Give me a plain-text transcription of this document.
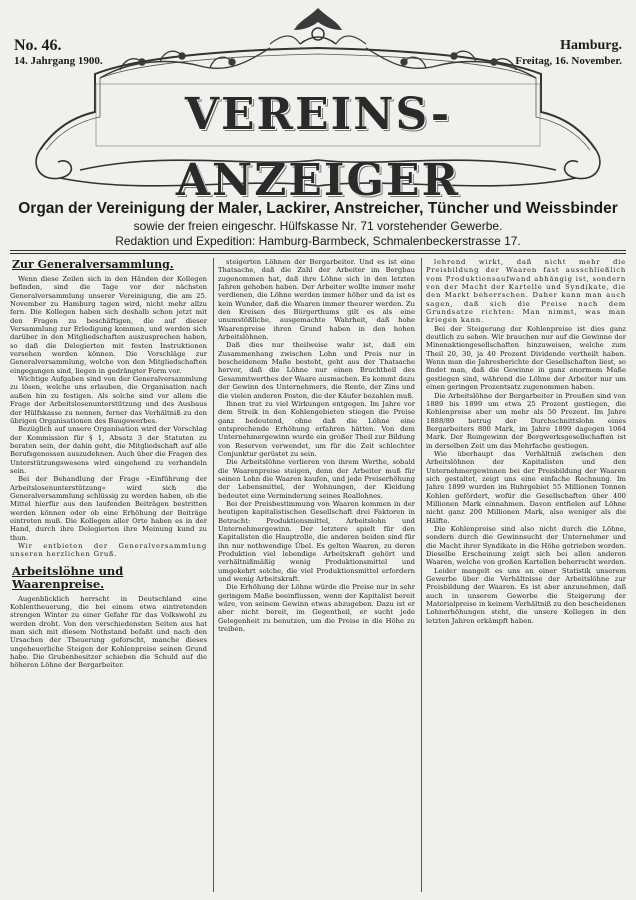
No. 46.
14. Jahrgang 1900.
Hamburg.
Freitag, 16. November.
VEREINS-ANZEIGER
Organ der Vereinigung der Maler, Lackirer, Anstreicher, Tüncher und Weissbinder
sowie der freien eingeschr. Hülfskasse Nr. 71 vorstehender Gewerbe.
Redaktion und Expedition: Hamburg-Barmbeck, Schmalenbeckerstrasse 17.
Zur Generalversammlung.

Wenn diese Zeilen sich in den Händen der Kollegen befinden, sind die Tage vor der nächsten Generalversammlung unserer Vereinigung, die am 25. November zu Hamburg tagen wird, nicht mehr allzu fern. Die Kollegen haben sich deshalb schon jetzt mit den Fragen zu beschäftigen, die auf dieser Versammlung zur Erledigung kommen, und werden sich darüber in den Mitgliedschaften auszusprechen haben, so daß die Delegierten mit festen Instruktionen versehen werden können. Die Vorschläge zur Generalversammlung, welche von den Mitgliedschaften eingegangen sind, liegen in gedrängter Form vor.

Wichtige Aufgaben sind von der Generalversammlung zu lösen, welche uns erlauben, die Organisation nach außen hin zu festigen. Als solche sind vor allem die Frage der Arbeitslosenunterstützung und des Ausbaus der Hülfskasse zu nennen, ferner das Verhältniß zu den übrigen Organisationen des Baugewerbes.

Bezüglich auf unsere Organisation wird der Vorschlag der Kommission für § 1, Absatz 3 der Statuten zu beraten sein, der dahin geht, die Mitgliedschaft auf alle Berufsgenossen auszudehnen. Auch über die Fragen des Unterstützungswesens wird eingehend zu verhandeln sein.

Bei der Behandlung der Frage »Einführung der Arbeitslosenunterstützung« wird sich die Generalversammlung schlüssig zu werden haben, ob die Mittel hierfür aus den laufenden Beiträgen bestritten werden können oder ob eine Erhöhung der Beiträge eintreten muß. Die Kollegen aller Orte haben es in der Hand, durch ihre Delegierten ihre Meinung kund zu thun.

Wir entbieten der Generalversammlung unseren herzlichen Gruß.

Arbeitslöhne und Waarenpreise.

Augenblicklich herrscht in Deutschland eine Kohlentheuerung, die bei einem etwa eintretenden strengen Winter zu einer Gefahr für das Volkswohl zu werden droht. Von den verschiedensten Seiten aus hat man sich mit diesem Nothstand befaßt und nach den Ursachen der Theuerung geforscht, manche dieses ungeheuerliche Steigen der Kohlenpreise seinen Grund habe. Die Grubenbesitzer schieben die Schuld auf die höheren Löhne der Bergarbeiter.

steigerten Löhnen der Bergarbeiter. Und es ist eine Thatsache, daß die Zahl der Arbeiter im Bergbau zugenommen hat, daß ihre Löhne sich in den letzten Jahren gehoben haben. Der Arbeiter wollte immer mehr verdienen, die Löhne werden immer höher und da ist es kein Wunder, daß die Waaren immer theurer werden. Zu den Kreisen des Bürgerthums gilt es als eine unumstößliche, ausgemachte Wahrheit, daß hohe Waarenpreise ihren Grund haben in den hohen Arbeitslöhnen.

Daß dies nur theilweise wahr ist, daß ein Zusammenhang zwischen Lohn und Preis nur in bescheidenem Maße besteht, geht aus der Thatsache hervor, daß die Löhne nur einen Bruchtheil des Gesammtwerthes der Waare ausmachen. Es kommt dazu der Gewinn des Unternehmers, die Rente, der Zins und die vielen anderen Posten, die der Käufer bezahlen muß.

Ihnen trat zu viel Wirkungen entgegen. Im Jahre vor dem Streik in den Kohlengebieten stiegen die Preise ganz bedeutend, ohne daß die Löhne eine entsprechende Erhöhung erfahren hätten. Von dem Unternehmergewinn wurde ein großer Theil zur Bildung von Reserven verwendet, um für die Zeit schlechter Conjunktur gerüstet zu sein.

Die Arbeitslöhne verlieren von ihrem Werthe, sobald die Waarenpreise steigen, denn der Arbeiter muß für seinen Lohn die Waaren kaufen, und jede Preiserhöhung der Lebensmittel, der Wohnungen, der Kleidung bedeutet eine Verminderung seines Reallohnes.

Bei der Preisbestimmung von Waaren kommen in der heutigen kapitalistischen Gesellschaft drei Faktoren in Betracht: Produktionsmittel, Arbeitslohn und Unternehmergewinn. Der letztere spielt für den Kapitalisten die Hauptrolle, die anderen beiden sind für ihn nur nothwendige Übel. Es gelten Waaren, zu deren Produktion viel lebendige Arbeitskraft gehört und verhältnißmäßig wenig Produktionsmittel und umgekehrt solche, die viel Produktionsmittel erfordern und wenig Arbeitskraft.

Die Erhöhung der Löhne würde die Preise nur in sehr geringem Maße beeinflussen, wenn der Kapitalist bereit wäre, von seinem Gewinn etwas abzugeben. Dazu ist er aber nicht bereit, im Gegentheil, er sucht jede Gelegenheit zu benutzen, um die Preise in die Höhe zu treiben.

lehrend wirkt, daß nicht mehr die Preisbildung der Waaren fast ausschließlich vom Produktionsaufwand abhängig ist, sondern von der Macht der Kartelle und Syndikate, die den Markt beherrschen. Daher kann man auch sagen, daß sich die Preise nach dem Grundsatze richten: Man nimmt, was man kriegen kann.

Bei der Steigerung der Kohlenpreise ist dies ganz deutlich zu sehen. Wir brauchen nur auf die Gewinne der Minenaktiengesellschaften hinzuweisen, welche zum Theil 20, 30, ja 40 Prozent Dividende vertheilt haben. Wenn man die Jahresberichte der Gesellschaften liest, so findet man, daß die Gewinne in ganz enormem Maße gestiegen sind, während die Löhne der Arbeiter nur um einen geringen Prozentsatz zugenommen haben.

Die Arbeitslöhne der Bergarbeiter in Preußen sind von 1889 bis 1899 um etwa 25 Prozent gestiegen, die Kohlenpreise aber um mehr als 50 Prozent. Im Jahre 1888/89 betrug der Durchschnittslohn eines Bergarbeiters 800 Mark, im Jahre 1899 dagegen 1064 Mark. Der Reingewinn der Bergwerksgesellschaften ist in derselben Zeit um das Mehrfache gestiegen.

Wie überhaupt das Verhältniß zwischen den Arbeitslöhnen der Kapitalisten und den Unternehmergewinnen bei der Preisbildung der Waaren sich gestaltet, zeigt uns eine einfache Rechnung. Im Jahre 1899 wurden im Ruhrgebiet 55 Millionen Tonnen Kohlen gefördert, wofür die Gesellschaften über 400 Millionen Mark einnahmen. Davon entfielen auf Löhne nicht ganz 200 Millionen Mark, also weniger als die Hälfte.

Die Kohlenpreise sind also nicht durch die Löhne, sondern durch die Gewinnsucht der Unternehmer und die Macht ihrer Syndikate in die Höhe getrieben worden. Dieselbe Erscheinung zeigt sich bei allen anderen Waaren, welche von großen Kartellen beherrscht werden.

Leider mangelt es uns an einer Statistik unserem Gewerbe über die Verhältnisse der Arbeitslöhne zur Preisbildung der Waaren. Es ist aber anzunehmen, daß auch in unserem Gewerbe die Steigerung der Materialpreise in keinem Verhältniß zu den bescheidenen Lohnerhöhungen steht, die unsere Kollegen in den letzten Jahren erkämpft haben.
